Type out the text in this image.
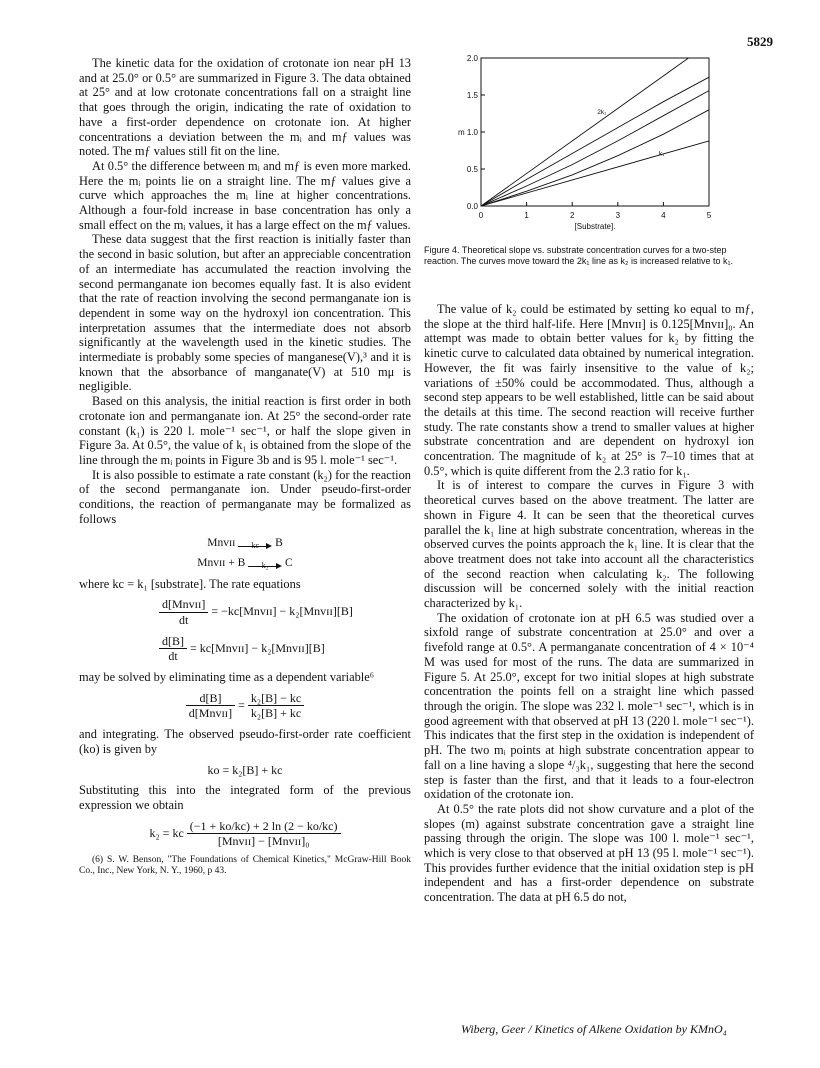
5829

The kinetic data for the oxidation of crotonate ion near pH 13 and at 25.0° or 0.5° are summarized in Figure 3. The data obtained at 25° and at low crotonate concentrations fall on a straight line that goes through the origin, indicating the rate of oxidation to have a first-order dependence on crotonate ion. At higher concentrations a deviation between the mᵢ and mƒ values was noted. The mƒ values still fit on the line.

At 0.5° the difference between mᵢ and mƒ is even more marked. Here the mᵢ points lie on a straight line. The mƒ values give a curve which approaches the mᵢ line at higher concentrations. Although a four-fold increase in base concentration has only a small effect on the mᵢ values, it has a large effect on the mƒ values.

These data suggest that the first reaction is initially faster than the second in basic solution, but after an appreciable concentration of an intermediate has accumulated the reaction involving the second permanganate ion becomes equally fast. It is also evident that the rate of reaction involving the second permanganate ion is dependent in some way on the hydroxyl ion concentration. This interpretation assumes that the intermediate does not absorb significantly at the wavelength used in the kinetic studies. The intermediate is probably some species of manganese(V),³ and it is known that the absorbance of manganate(V) at 510 mμ is negligible.

Based on this analysis, the initial reaction is first order in both crotonate ion and permanganate ion. At 25° the second-order rate constant (k₁) is 220 l. mole⁻¹ sec⁻¹, or half the slope given in Figure 3a. At 0.5°, the value of k₁ is obtained from the slope of the line through the mᵢ points in Figure 3b and is 95 l. mole⁻¹ sec⁻¹.

It is also possible to estimate a rate constant (k₂) for the reaction of the second permanganate ion. Under pseudo-first-order conditions, the reaction of permanganate may be formalized as follows

Mnᴠɪɪ	kc	B
Mnᴠɪɪ + B	k₂	C

where kc = k₁ [substrate]. The rate equations

$\frac{\text{d[Mnᴠɪɪ]}}{dt}$ = −kc[Mnᴠɪɪ] − k₂[Mnᴠɪɪ][B]
$\frac{d[B]}{dt}$ = kc[Mnᴠɪɪ] − k₂[Mnᴠɪɪ][B]

may be solved by eliminating time as a dependent variable⁶

$\frac{d[B]}{\text{d[Mnᴠɪɪ]}} = \frac{\text{k₂[B] − kc}}{\text{k₂[B] + kc}}$

and integrating. The observed pseudo-first-order rate coefficient (ko) is given by

ko = k₂[B] + kc

Substituting this into the integrated form of the previous expression we obtain

k₂ = kc $\frac{(-1 + ko/kc) + 2 \ln (2 - ko/kc)}{\text{[Mnᴠɪɪ] − [Mnᴠɪɪ]₀}}$
(6) S. W. Benson, "The Foundations of Chemical Kinetics," McGraw-Hill Book Co., Inc., New York, N. Y., 1960, p 43.
0	1	2	3	4	5
0.0
0.5
1.5
2.0
m 1.0
[Substrate].
2k₁
k₁
Figure 4. Theoretical slope vs. substrate concentration curves for a two-step reaction. The curves move toward the 2k₁ line as k₂ is increased relative to k₁.

The value of k₂ could be estimated by setting ko equal to mƒ, the slope at the third half-life. Here [Mnᴠɪɪ] is 0.125[Mnᴠɪɪ]₀. An attempt was made to obtain better values for k₂ by fitting the kinetic curve to calculated data obtained by numerical integration. However, the fit was fairly insensitive to the value of k₂; variations of ±50% could be accommodated. Thus, although a second step appears to be well established, little can be said about the details at this time. The second reaction will receive further study. The rate constants show a trend to smaller values at higher substrate concentration and are dependent on hydroxyl ion concentration. The magnitude of k₂ at 25° is 7–10 times that at 0.5°, which is quite different from the 2.3 ratio for k₁.

It is of interest to compare the curves in Figure 3 with theoretical curves based on the above treatment. The latter are shown in Figure 4. It can be seen that the theoretical curves parallel the k₁ line at high substrate concentration, whereas in the observed curves the points approach the k₁ line. It is clear that the above treatment does not take into account all the characteristics of the second reaction when calculating k₂. The following discussion will be concerned solely with the initial reaction characterized by k₁.

The oxidation of crotonate ion at pH 6.5 was studied over a sixfold range of substrate concentration at 25.0° and over a fivefold range at 0.5°. A permanganate concentration of 4 × 10⁻⁴ M was used for most of the runs. The data are summarized in Figure 5. At 25.0°, except for two initial slopes at high substrate concentration the points fell on a straight line which passed through the origin. The slope was 232 l. mole⁻¹ sec⁻¹, which is in good agreement with that observed at pH 13 (220 l. mole⁻¹ sec⁻¹). This indicates that the first step in the oxidation is independent of pH. The two mᵢ points at high substrate concentration appear to fall on a line having a slope ⁴/₃k₁, suggesting that here the second step is faster than the first, and that it leads to a four-electron oxidation of the crotonate ion.

At 0.5° the rate plots did not show curvature and a plot of the slopes (m) against substrate concentration gave a straight line passing through the origin. The slope was 100 l. mole⁻¹ sec⁻¹, which is very close to that observed at pH 13 (95 l. mole⁻¹ sec⁻¹). This provides further evidence that the initial oxidation step is pH independent and has a first-order dependence on substrate concentration. The data at pH 6.5 do not,

Wiberg, Geer / Kinetics of Alkene Oxidation by KMnO₄
